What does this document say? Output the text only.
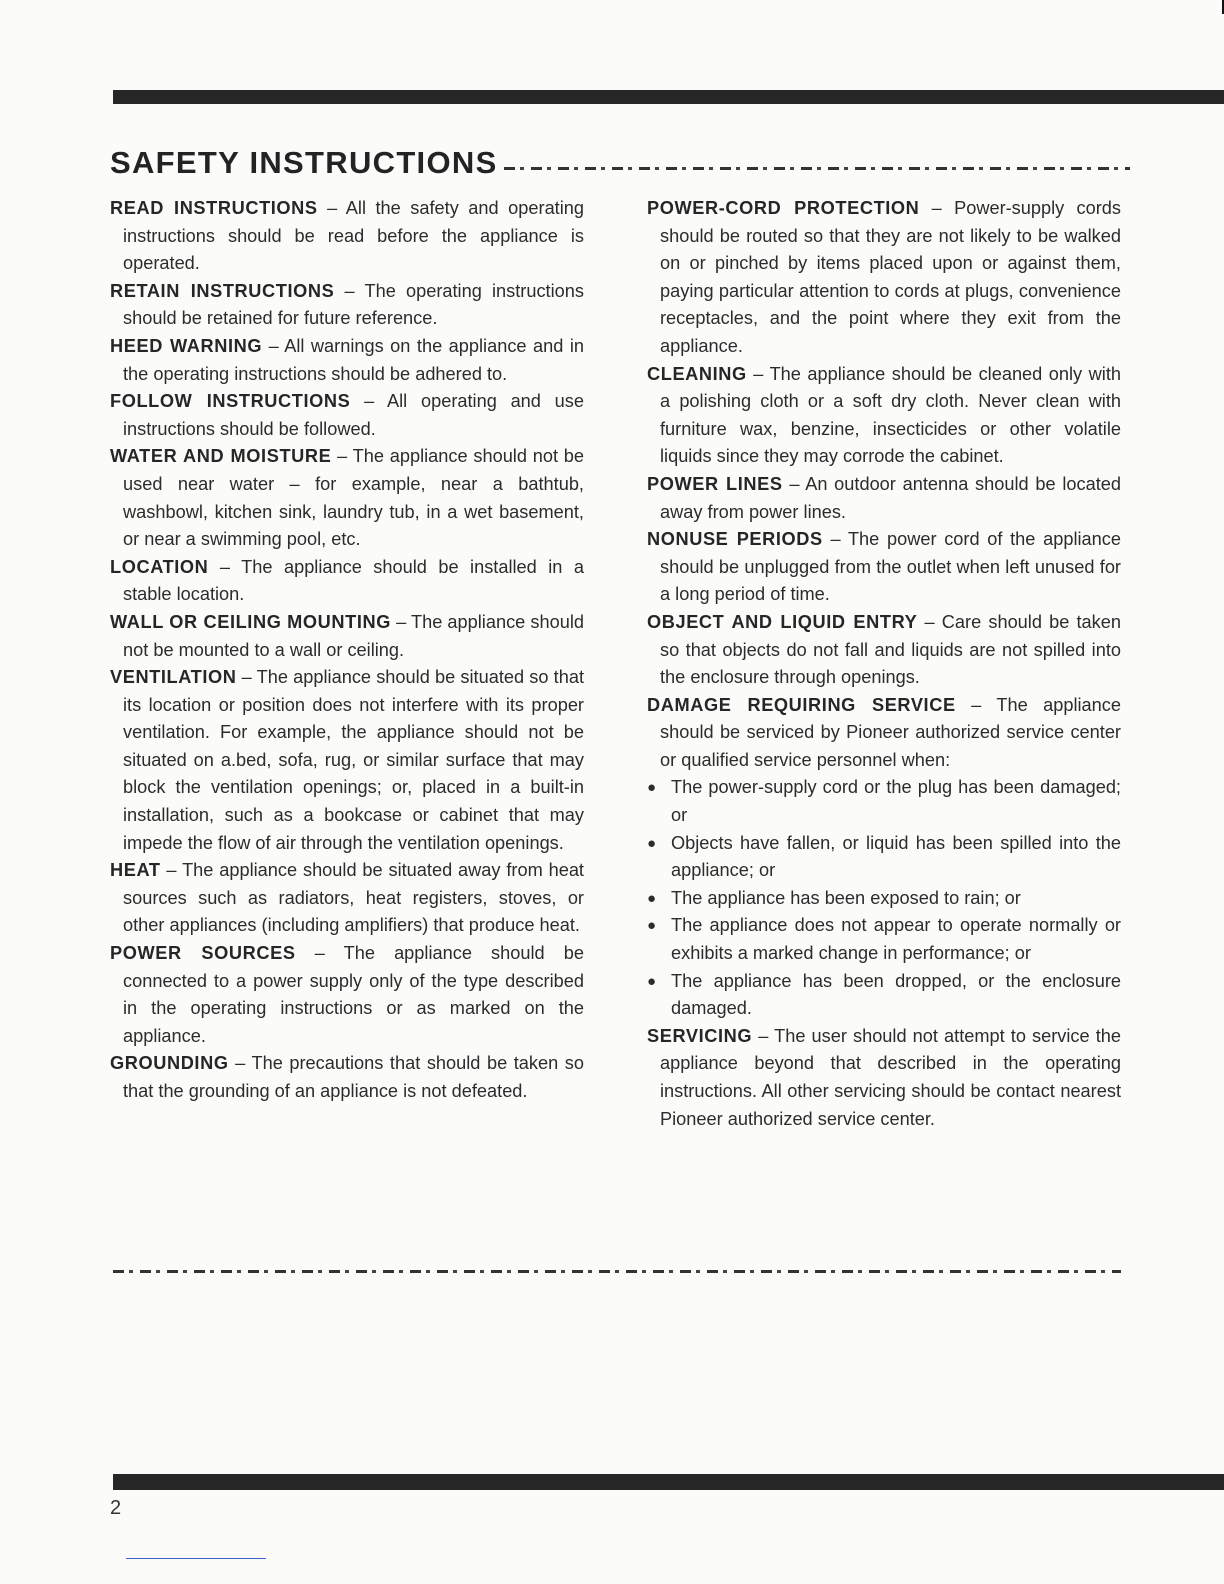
SAFETY INSTRUCTIONS

READ INSTRUCTIONS – All the safety and operating instructions should be read before the appliance is operated.

RETAIN INSTRUCTIONS – The operating instructions should be retained for future reference.

HEED WARNING – All warnings on the appliance and in the operating instructions should be adhered to.

FOLLOW INSTRUCTIONS – All operating and use instructions should be followed.

WATER AND MOISTURE – The appliance should not be used near water – for example, near a bathtub, washbowl, kitchen sink, laundry tub, in a wet basement, or near a swimming pool, etc.

LOCATION – The appliance should be installed in a stable location.

WALL OR CEILING MOUNTING – The appliance should not be mounted to a wall or ceiling.

VENTILATION – The appliance should be situated so that its location or position does not interfere with its proper ventilation. For example, the appliance should not be situated on a.bed, sofa, rug, or similar surface that may block the ventilation openings; or, placed in a built-in installation, such as a bookcase or cabinet that may impede the flow of air through the ventilation openings.

HEAT – The appliance should be situated away from heat sources such as radiators, heat registers, stoves, or other appliances (including amplifiers) that produce heat.

POWER SOURCES – The appliance should be connected to a power supply only of the type described in the operating instructions or as marked on the appliance.

GROUNDING – The precautions that should be taken so that the grounding of an appliance is not defeated.

POWER-CORD PROTECTION – Power-supply cords should be routed so that they are not likely to be walked on or pinched by items placed upon or against them, paying particular attention to cords at plugs, convenience receptacles, and the point where they exit from the appliance.

CLEANING – The appliance should be cleaned only with a polishing cloth or a soft dry cloth. Never clean with furniture wax, benzine, insecticides or other volatile liquids since they may corrode the cabinet.

POWER LINES – An outdoor antenna should be located away from power lines.

NONUSE PERIODS – The power cord of the appliance should be unplugged from the outlet when left unused for a long period of time.

OBJECT AND LIQUID ENTRY – Care should be taken so that objects do not fall and liquids are not spilled into the enclosure through openings.

DAMAGE REQUIRING SERVICE – The appliance should be serviced by Pioneer authorized service center or qualified service personnel when:

● The power-supply cord or the plug has been damaged; or
● Objects have fallen, or liquid has been spilled into the appliance; or
● The appliance has been exposed to rain; or
● The appliance does not appear to operate normally or exhibits a marked change in performance; or
● The appliance has been dropped, or the enclosure damaged.

SERVICING – The user should not attempt to service the appliance beyond that described in the operating instructions. All other servicing should be contact nearest Pioneer authorized service center.

2
